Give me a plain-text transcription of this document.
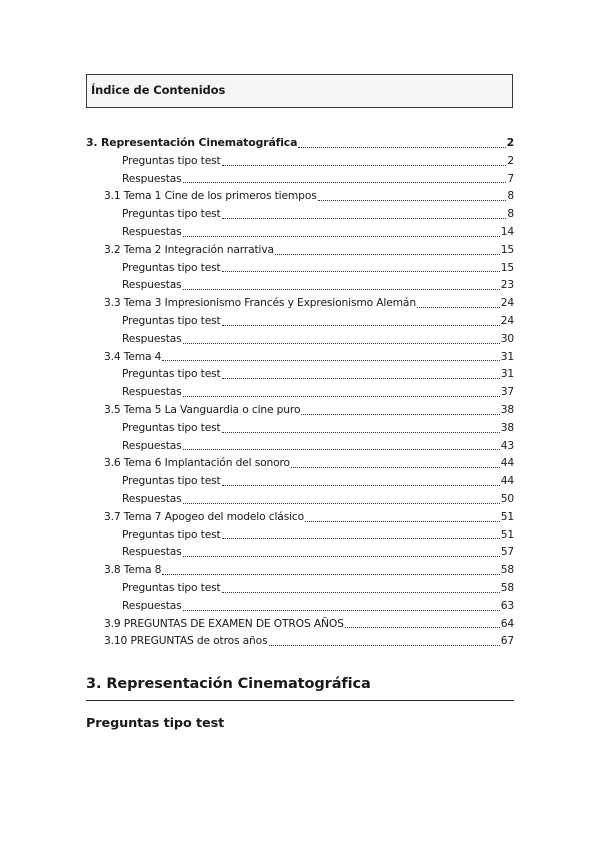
Índice de Contenidos
3. Representación Cinematográfica	2
Preguntas tipo test	2
Respuestas	7
3.1 Tema 1 Cine de los primeros tiempos	8
Preguntas tipo test	8
Respuestas	14
3.2 Tema 2 Integración narrativa	15
Preguntas tipo test	15
Respuestas	23
3.3 Tema 3 Impresionismo Francés y Expresionismo Alemán	24
Preguntas tipo test	24
Respuestas	30
3.4 Tema 4	31
Preguntas tipo test	31
Respuestas	37
3.5 Tema 5 La Vanguardia o cine puro	38
Preguntas tipo test	38
Respuestas	43
3.6 Tema 6 Implantación del sonoro	44
Preguntas tipo test	44
Respuestas	50
3.7 Tema 7 Apogeo del modelo clásico	51
Preguntas tipo test	51
Respuestas	57
3.8 Tema 8	58
Preguntas tipo test	58
Respuestas	63
3.9 PREGUNTAS DE EXAMEN DE OTROS AÑOS	64
3.10 PREGUNTAS de otros años	67
3. Representación Cinematográfica
Preguntas tipo test
